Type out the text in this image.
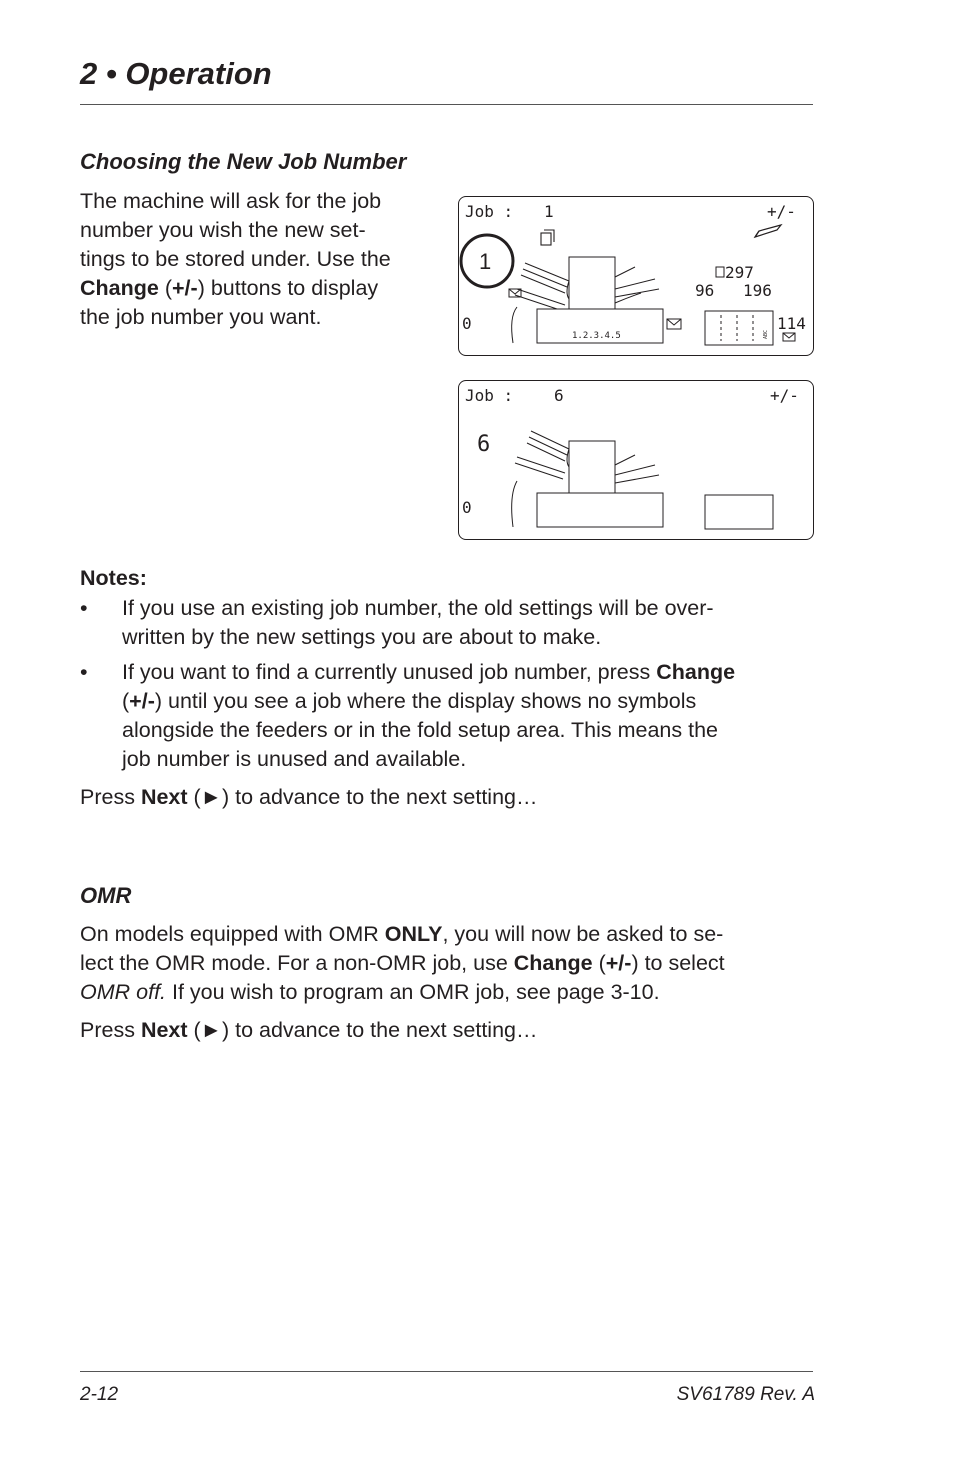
2 • Operation
Choosing the New Job Number
The machine will ask for the job
number you wish the new set-
tings to be stored under. Use the
Change (+/-) buttons to display
the job number you want.
Job : 1	+/-
1
1.2.3.4.5
297
96 196
0
ABC
114
Job :	6	+/-
6
0
Notes:
•	If you use an existing job number, the old settings will be over-
written by the new settings you are about to make.
•	If you want to find a currently unused job number, press Change
(+/-) until you see a job where the display shows no symbols
alongside the feeders or in the fold setup area. This means the
job number is unused and available.
Press Next (►) to advance to the next setting…
OMR
On models equipped with OMR ONLY, you will now be asked to se-
lect the OMR mode. For a non-OMR job, use Change (+/-) to select
OMR off. If you wish to program an OMR job, see page 3-10.
Press Next (►) to advance to the next setting…
2-12	SV61789 Rev. A
